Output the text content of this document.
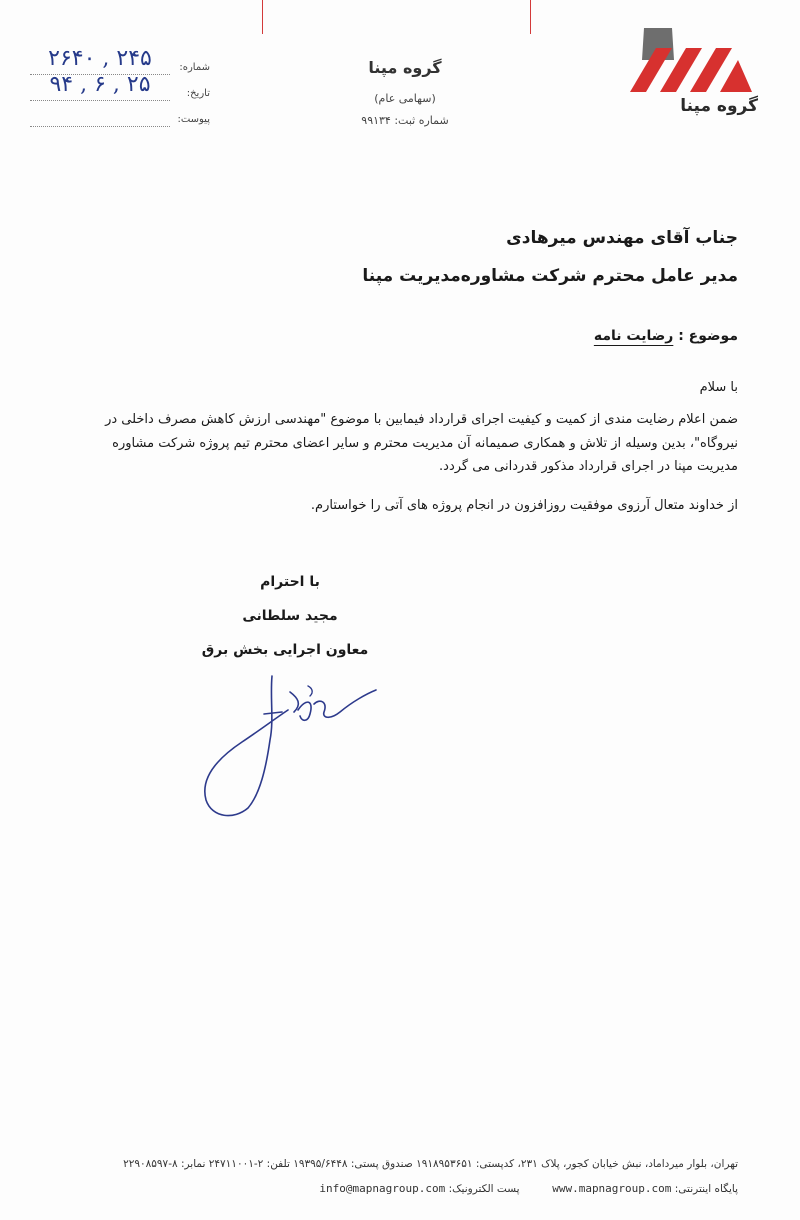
شماره:
۲۶۴۰ , ۲۴۵
تاریخ:
۹۴ , ۶ , ۲۵
پیوست:
گروه مپنا
(سهامی عام)
شماره ثبت: ۹۹۱۳۴
گروه مپنا
جناب آقای مهندس میرهادی
مدیر عامل محترم شرکت مشاوره‌مدیریت مپنا
موضوع : رضایت نامه
با سلام
ضمن اعلام رضایت مندی از کمیت و کیفیت اجرای قرارداد فیمابین با موضوع "مهندسی ارزش کاهش مصرف داخلی در نیروگاه"، بدین وسیله از تلاش و همکاری صمیمانه آن مدیریت محترم و سایر اعضای محترم تیم پروژه شرکت مشاوره مدیریت مپنا در اجرای قرارداد مذکور قدردانی می گردد.
از خداوند متعال آرزوی موفقیت روزافزون در انجام پروژه های آتی را خواستارم.
با احترام
مجید سلطانی
معاون اجرایی بخش برق
تهران، بلوار میرداماد، نبش خیابان کجور، پلاک ۲۳۱، کدپستی: ۱۹۱۸۹۵۳۶۵۱ صندوق پستی: ۱۹۳۹۵/۶۴۴۸ تلفن: ۲-۲۴۷۱۱۰۰۱ نمابر: ۸-۲۲۹۰۸۵۹۷
پایگاه اینترنتی: www.mapnagroup.com  پست الکترونیک: info@mapnagroup.com
